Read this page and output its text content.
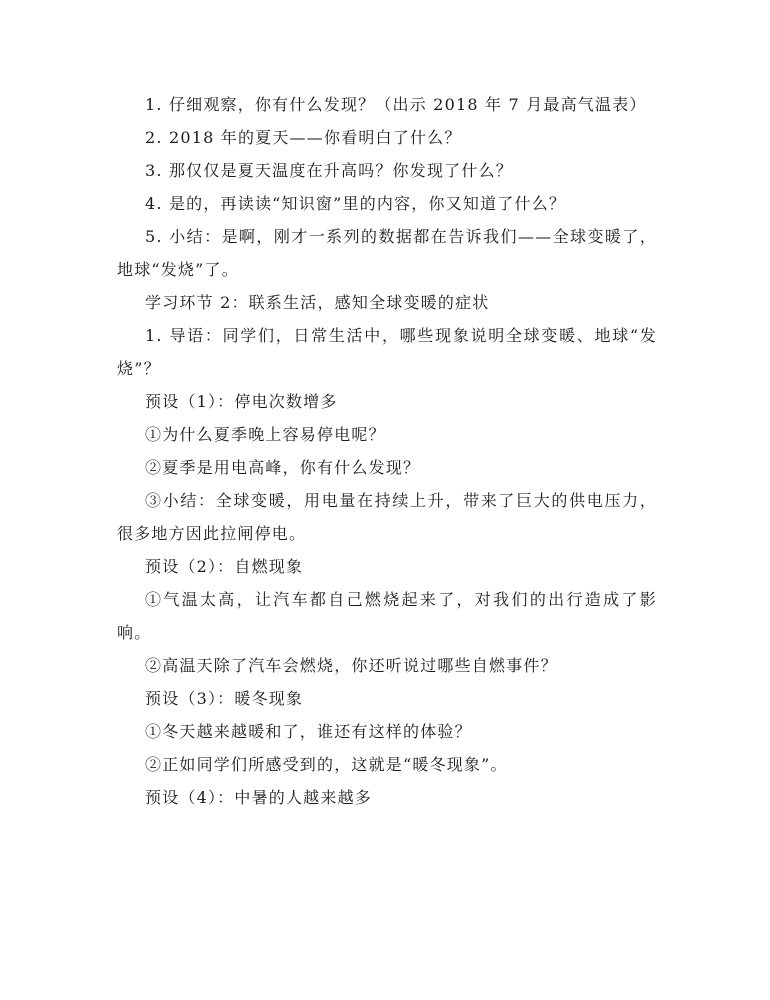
1. 仔细观察，你有什么发现？（出示 2018 年 7 月最高气温表）
2. 2018 年的夏天——你看明白了什么？
3. 那仅仅是夏天温度在升高吗？你发现了什么？
4. 是的，再读读“知识窗”里的内容，你又知道了什么？
5. 小结：是啊，刚才一系列的数据都在告诉我们——全球变暖了，地球“发烧”了。
学习环节 2：联系生活，感知全球变暖的症状
1. 导语：同学们，日常生活中，哪些现象说明全球变暖、地球“发烧”？
预设（1）：停电次数增多
①为什么夏季晚上容易停电呢？
②夏季是用电高峰，你有什么发现？
③小结：全球变暖，用电量在持续上升，带来了巨大的供电压力，很多地方因此拉闸停电。
预设（2）：自燃现象
①气温太高，让汽车都自己燃烧起来了，对我们的出行造成了影响。
②高温天除了汽车会燃烧，你还听说过哪些自燃事件？
预设（3）：暖冬现象
①冬天越来越暖和了，谁还有这样的体验？
②正如同学们所感受到的，这就是“暖冬现象”。
预设（4）：中暑的人越来越多
